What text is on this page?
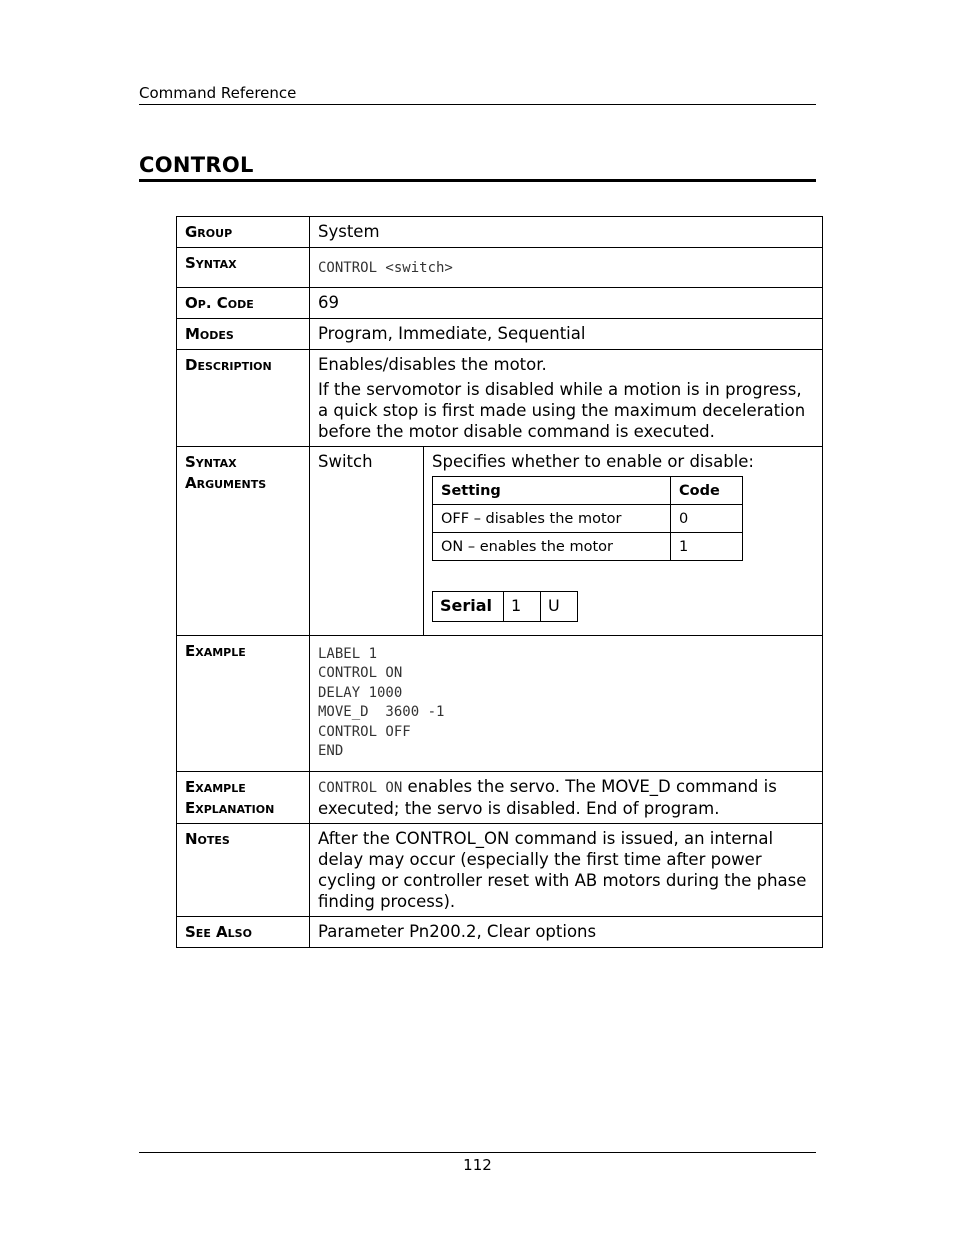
Command Reference
CONTROL
Group	System
Syntax	CONTROL <switch>
Op. Code	69
Modes	Program, Immediate, Sequential
Description	Enables/disables the motor.

If the servomotor is disabled while a motion is in progress, a quick stop is first made using the maximum deceleration before the motor disable command is executed.

Syntax
Arguments	
Switch	Specifies whether to enable or disable:
Setting	Code
OFF – disables the motor	0
ON – enables the motor	1
Serial	1	U

Example	LABEL 1
CONTROL ON
DELAY 1000
MOVE_D  3600 -1
CONTROL OFF
END

Example
Explanation	CONTROL ON enables the servo. The MOVE_D command is executed; the servo is disabled. End of program.
Notes	After the CONTROL_ON command is issued, an internal delay may occur (especially the first time after power cycling or controller reset with AB motors during the phase finding process).
See Also	Parameter Pn200.2, Clear options
112
